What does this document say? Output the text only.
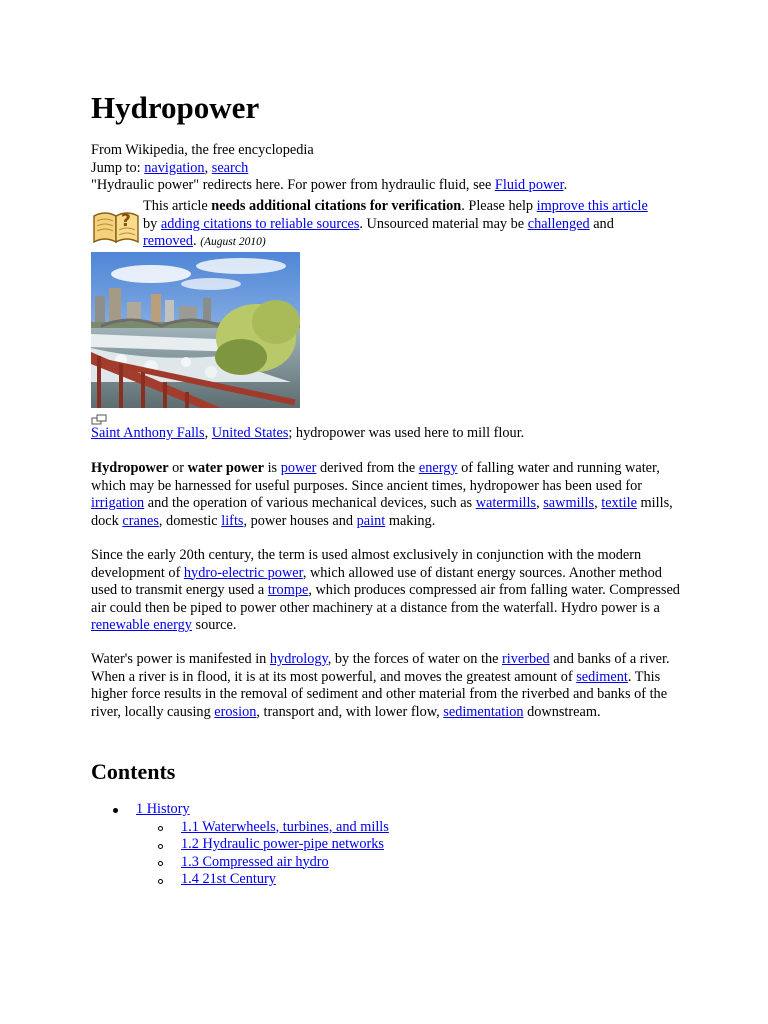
Hydropower
From Wikipedia, the free encyclopedia
Jump to: navigation, search
"Hydraulic power" redirects here. For power from hydraulic fluid, see Fluid power.
?
This article needs additional citations for verification. Please help improve this article
by adding citations to reliable sources. Unsourced material may be challenged and
removed. (August 2010)
Saint Anthony Falls, United States; hydropower was used here to mill flour.
Hydropower or water power is power derived from the energy of falling water and running water, which may be harnessed for useful purposes. Since ancient times, hydropower has been used for irrigation and the operation of various mechanical devices, such as watermills, sawmills, textile mills, dock cranes, domestic lifts, power houses and paint making.
Since the early 20th century, the term is used almost exclusively in conjunction with the modern development of hydro-electric power, which allowed use of distant energy sources. Another method used to transmit energy used a trompe, which produces compressed air from falling water. Compressed air could then be piped to power other machinery at a distance from the waterfall. Hydro power is a renewable energy source.
Water's power is manifested in hydrology, by the forces of water on the riverbed and banks of a river. When a river is in flood, it is at its most powerful, and moves the greatest amount of sediment. This higher force results in the removal of sediment and other material from the riverbed and banks of the river, locally causing erosion, transport and, with lower flow, sedimentation downstream.
Contents
1 History
1.1 Waterwheels, turbines, and mills
1.2 Hydraulic power-pipe networks
1.3 Compressed air hydro
1.4 21st Century
